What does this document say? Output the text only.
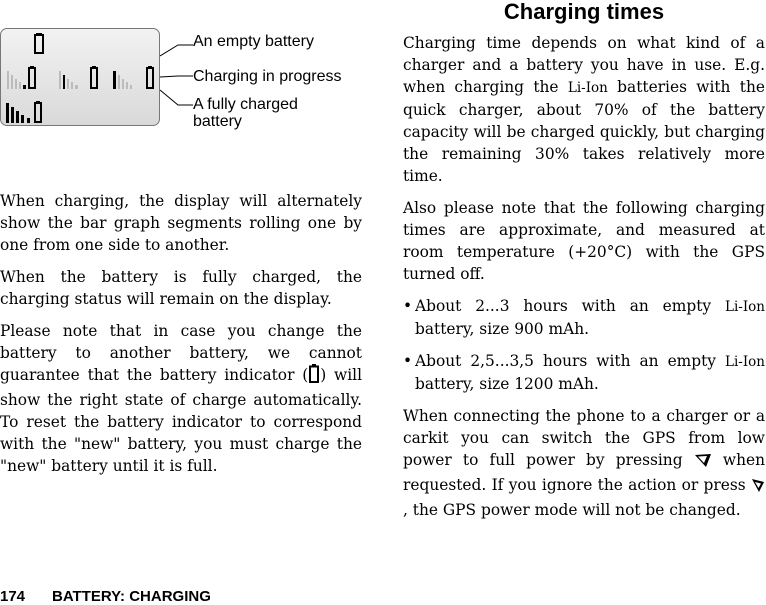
An empty battery
Charging in progress
A fully charged battery

When charging, the display will alternately show the bar graph segments rolling one by one from one side to another.

When the battery is fully charged, the charging status will remain on the display.

Please note that in case you change the battery to another battery, we cannot guarantee that the battery indicator ( ) will show the right state of charge automatically. To reset the battery indicator to correspond with the "new" battery, you must charge the "new" battery until it is full.

Charging times

Charging time depends on what kind of a charger and a battery you have in use. E.g. when charging the Li-Ion batteries with the quick charger, about 70% of the battery capacity will be charged quickly, but charging the remaining 30% takes relatively more time.

Also please note that the following charging times are approximate, and measured at room temperature (+20°C) with the GPS turned off.

• About 2...3 hours with an empty Li-Ion battery, size 900 mAh.
• About 2,5...3,5 hours with an empty Li-Ion battery, size 1200 mAh.

When connecting the phone to a charger or a carkit you can switch the GPS from low power to full power by pressing  when requested. If you ignore the action or press , the GPS power mode will not be changed.

174 BATTERY: CHARGING
